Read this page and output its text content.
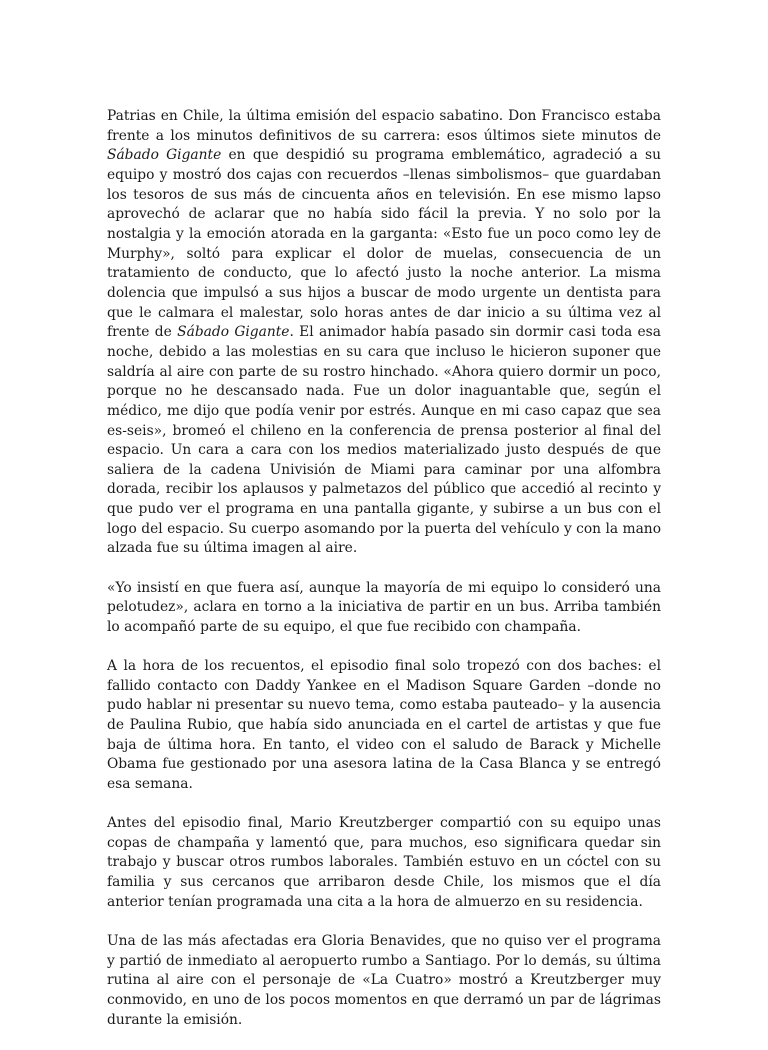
Patrias en Chile, la última emisión del espacio sabatino. Don Francisco estaba frente a los minutos definitivos de su carrera: esos últimos siete minutos de Sábado Gigante en que despidió su programa emblemático, agradeció a su equipo y mostró dos cajas con recuerdos –llenas simbolismos– que guardaban los tesoros de sus más de cincuenta años en televisión. En ese mismo lapso aprovechó de aclarar que no había sido fácil la previa. Y no solo por la nostalgia y la emoción atorada en la garganta: «Esto fue un poco como ley de Murphy», soltó para explicar el dolor de muelas, consecuencia de un tratamiento de conducto, que lo afectó justo la noche anterior. La misma dolencia que impulsó a sus hijos a buscar de modo urgente un dentista para que le calmara el malestar, solo horas antes de dar inicio a su última vez al frente de Sábado Gigante. El animador había pasado sin dormir casi toda esa noche, debido a las molestias en su cara que incluso le hicieron suponer que saldría al aire con parte de su rostro hinchado. «Ahora quiero dormir un poco, porque no he descansado nada. Fue un dolor inaguantable que, según el médico, me dijo que podía venir por estrés. Aunque en mi caso capaz que sea es-seis», bromeó el chileno en la conferencia de prensa posterior al final del espacio. Un cara a cara con los medios materializado justo después de que saliera de la cadena Univisión de Miami para caminar por una alfombra dorada, recibir los aplausos y palmetazos del público que accedió al recinto y que pudo ver el programa en una pantalla gigante, y subirse a un bus con el logo del espacio. Su cuerpo asomando por la puerta del vehículo y con la mano alzada fue su última imagen al aire.

«Yo insistí en que fuera así, aunque la mayoría de mi equipo lo consideró una pelotudez», aclara en torno a la iniciativa de partir en un bus. Arriba también lo acompañó parte de su equipo, el que fue recibido con champaña.

A la hora de los recuentos, el episodio final solo tropezó con dos baches: el fallido contacto con Daddy Yankee en el Madison Square Garden –donde no pudo hablar ni presentar su nuevo tema, como estaba pauteado– y la ausencia de Paulina Rubio, que había sido anunciada en el cartel de artistas y que fue baja de última hora. En tanto, el video con el saludo de Barack y Michelle Obama fue gestionado por una asesora latina de la Casa Blanca y se entregó esa semana.

Antes del episodio final, Mario Kreutzberger compartió con su equipo unas copas de champaña y lamentó que, para muchos, eso significara quedar sin trabajo y buscar otros rumbos laborales. También estuvo en un cóctel con su familia y sus cercanos que arribaron desde Chile, los mismos que el día anterior tenían programada una cita a la hora de almuerzo en su residencia.

Una de las más afectadas era Gloria Benavides, que no quiso ver el programa y partió de inmediato al aeropuerto rumbo a Santiago. Por lo demás, su última rutina al aire con el personaje de «La Cuatro» mostró a Kreutzberger muy conmovido, en uno de los pocos momentos en que derramó un par de lágrimas durante la emisión.
